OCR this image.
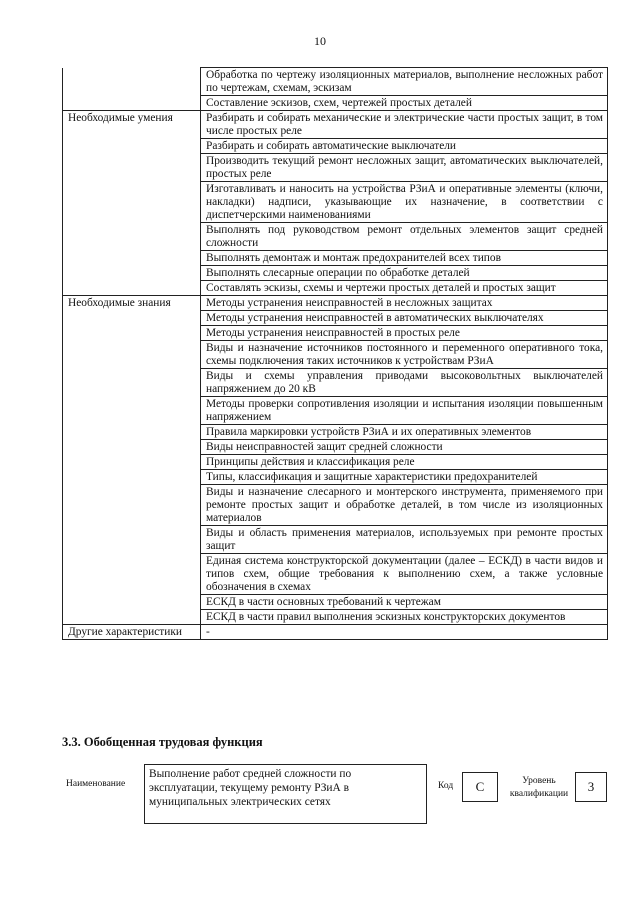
10
	Обработка по чертежу изоляционных материалов, выполнение несложных работ по чертежам, схемам, эскизам
	Составление эскизов, схем, чертежей простых деталей
Необходимые умения	Разбирать и собирать механические и электрические части простых защит, в том числе простых реле
	Разбирать и собирать автоматические выключатели
	Производить текущий ремонт несложных защит, автоматических выключателей, простых реле
	Изготавливать и наносить на устройства РЗиА и оперативные элементы (ключи, накладки) надписи, указывающие их назначение, в соответствии с диспетчерскими наименованиями
	Выполнять под руководством ремонт отдельных элементов защит средней сложности
	Выполнять демонтаж и монтаж предохранителей всех типов
	Выполнять слесарные операции по обработке деталей
	Составлять эскизы, схемы и чертежи простых деталей и простых защит
Необходимые знания	Методы устранения неисправностей в несложных защитах
	Методы устранения неисправностей в автоматических выключателях
	Методы устранения неисправностей в простых реле
	Виды и назначение источников постоянного и переменного оперативного тока, схемы подключения таких источников к устройствам РЗиА
	Виды и схемы управления приводами высоковольтных выключателей напряжением до 20 кВ
	Методы проверки сопротивления изоляции и испытания изоляции повышенным напряжением
	Правила маркировки устройств РЗиА и их оперативных элементов
	Виды неисправностей защит средней сложности
	Принципы действия и классификация реле
	Типы, классификация и защитные характеристики предохранителей
	Виды и назначение слесарного и монтерского инструмента, применяемого при ремонте простых защит и обработке деталей, в том числе из изоляционных материалов
	Виды и область применения материалов, используемых при ремонте простых защит
	Единая система конструкторской документации (далее – ЕСКД) в части видов и типов схем, общие требования к выполнению схем, а также условные обозначения в схемах
	ЕСКД в части основных требований к чертежам
	ЕСКД в части правил выполнения эскизных конструкторских документов
Другие характеристики	-
3.3. Обобщенная трудовая функция
Наименование
Выполнение работ средней сложности по эксплуатации, текущему ремонту РЗиА в муниципальных электрических сетях
Код	С	Уровень квалификации	3
